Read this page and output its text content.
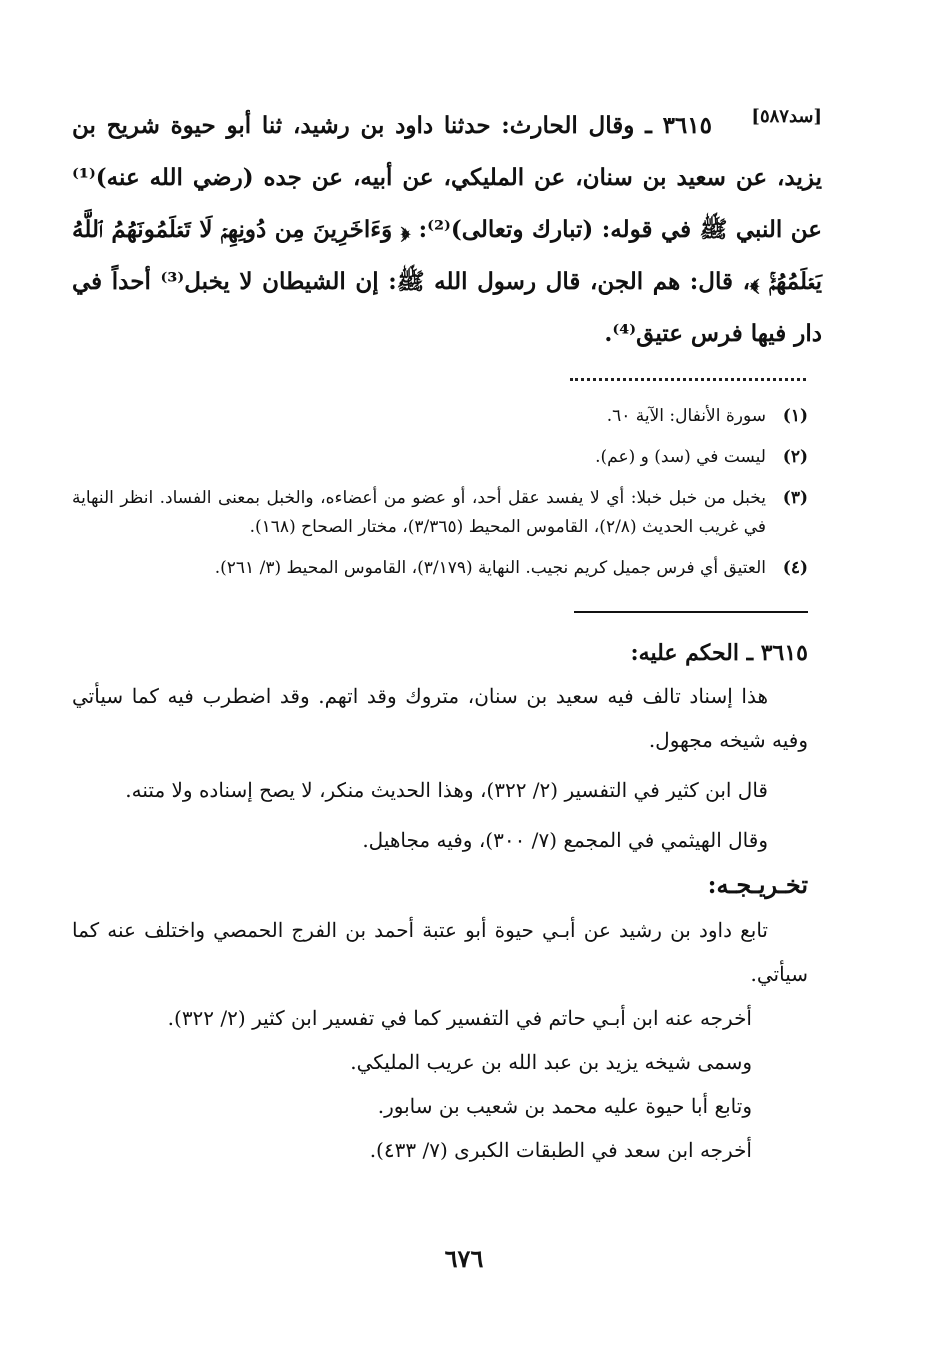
[سد٥٨٧]

٣٦١٥ ـ وقال الحارث: حدثنا داود بن رشيد، ثنا أبو حيوة شريح بن يزيد، عن سعيد بن سنان، عن المليكي، عن أبيه، عن جده (رضي الله عنه)⁽¹⁾ عن النبي ﷺ في قوله: (تبارك وتعالى)⁽²⁾: ﴿ وَءَاخَرِينَ مِن دُونِهِمۡ لَا تَعۡلَمُونَهُمُ ٱللَّهُ يَعۡلَمُهُمۡۚ ﴾، قال: هم الجن، قال رسول الله ﷺ: إن الشيطان لا يخبل⁽³⁾ أحداً في دار فيها فرس عتيق⁽⁴⁾.

(١)
سورة الأنفال: الآية ٦٠.
(٢)
ليست في (سد) و (عم).
(٣)
يخبل من خبل خبلا: أي لا يفسد عقل أحد، أو عضو من أعضاءه، والخبل بمعنى الفساد. انظر النهاية في غريب الحديث (٢/٨)، القاموس المحيط (٣/٣٦٥)، مختار الصحاح (١٦٨).
(٤)
العتيق أي فرس جميل كريم نجيب. النهاية (٣/١٧٩)، القاموس المحيط (٣/ ٢٦١).
٣٦١٥ ـ الحكم عليه:

هذا إسناد تالف فيه سعيد بن سنان، متروك وقد اتهم. وقد اضطرب فيه كما سيأتي وفيه شيخه مجهول.

قال ابن كثير في التفسير (٢/ ٣٢٢)، وهذا الحديث منكر، لا يصح إسناده ولا متنه.

وقال الهيثمي في المجمع (٧/ ٣٠٠)، وفيه مجاهيل.

تخـريـجـه:

تابع داود بن رشيد عن أبـي حيوة أبو عتبة أحمد بن الفرج الحمصي واختلف عنه كما سيأتي.

أخرجه عنه ابن أبـي حاتم في التفسير كما في تفسير ابن كثير (٢/ ٣٢٢).

وسمى شيخه يزيد بن عبد الله بن عريب المليكي.

وتابع أبا حيوة عليه محمد بن شعيب بن سابور.

أخرجه ابن سعد في الطبقات الكبرى (٧/ ٤٣٣).

٦٧٦
